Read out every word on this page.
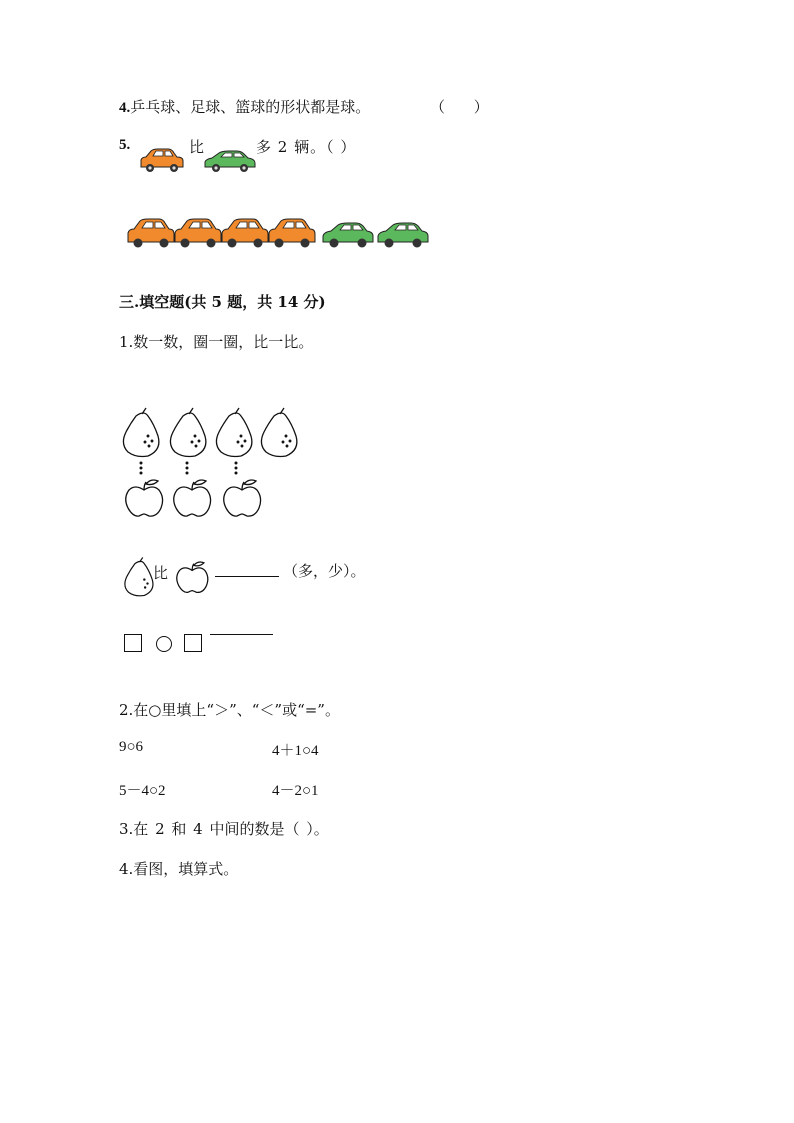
4.乒乓球、足球、篮球的形状都是球。	（ ）
5.	比	多 2 辆。（ ）
三.填空题(共 5 题，共 14 分)
1.数一数，圈一圈，比一比。
比	（多，少）。
2.在○里填上“＞”、“＜”或“=”。
9○6	4＋1○4
5－4○2	4－2○1
3.在 2 和 4 中间的数是（ ）。
4.看图，填算式。
